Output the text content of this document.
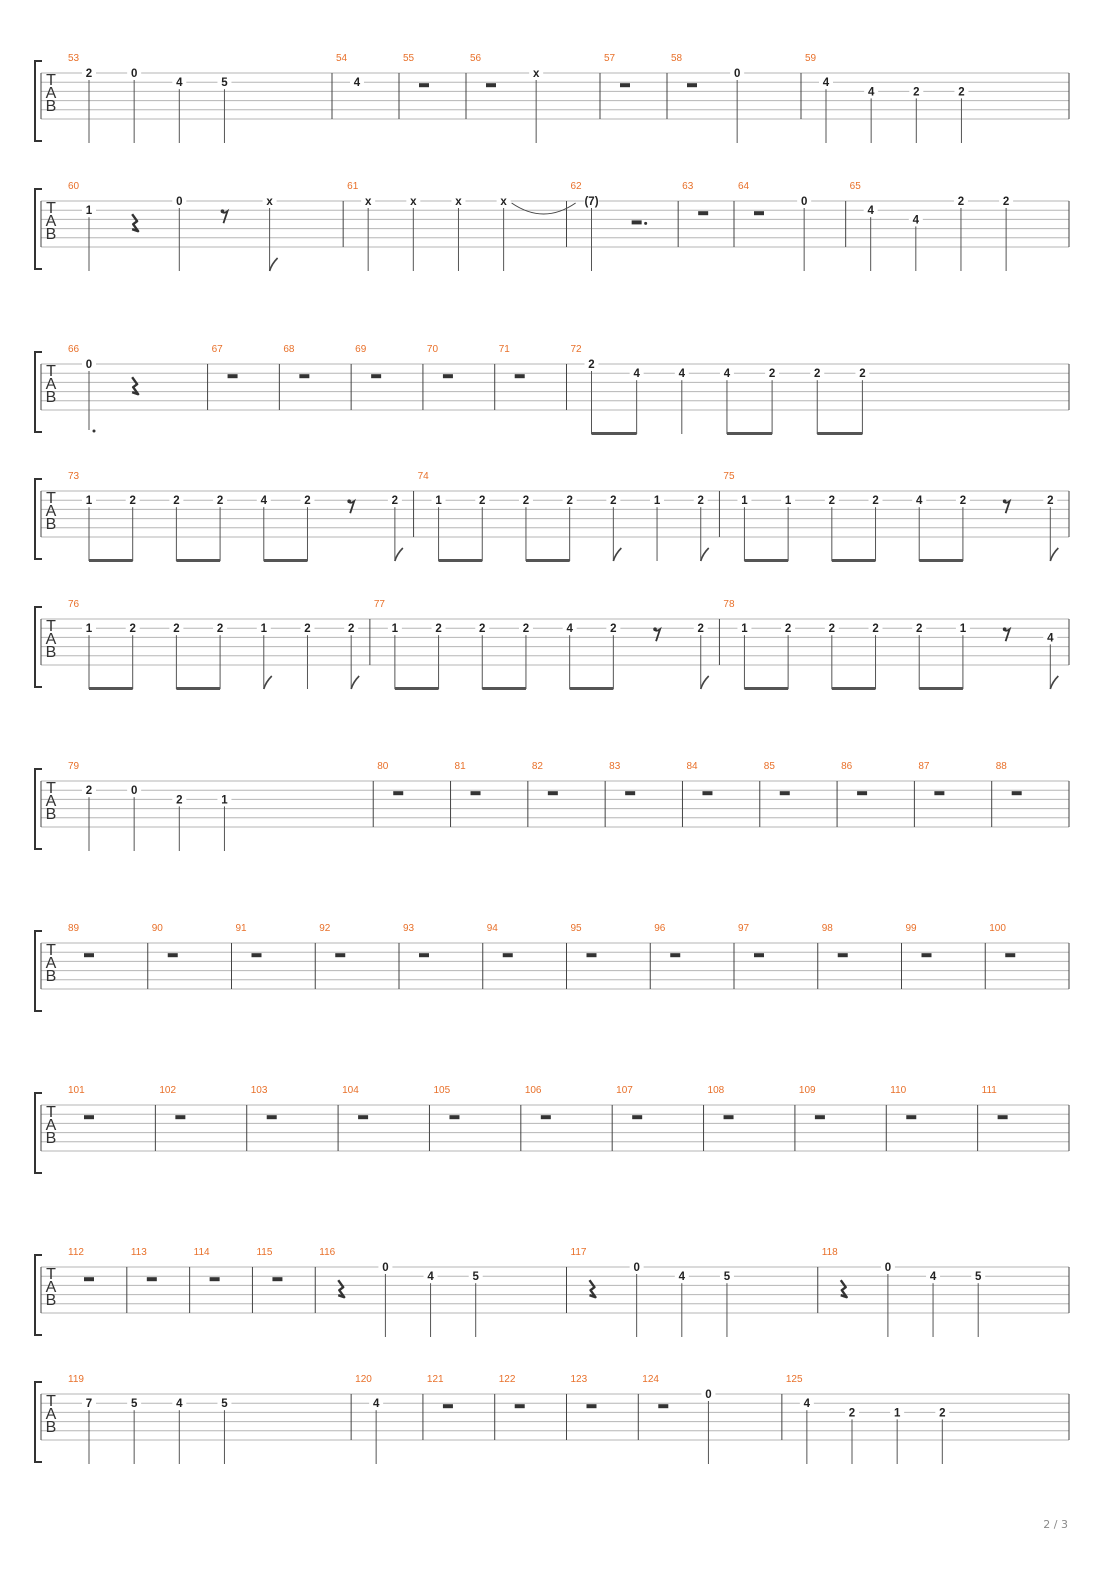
T
A
B
53
2	0
4	5
54
4
55	56
x
57	58
0
59
4
4	2	2
T
A
B
60
1
0	x
61
x	x	x	x
62
(7)
63	64
0
65
4
4
2	2
T
A
B
66
0
67	68	69	70	71	72
2
4	4	4	2	2	2
T
A
B
73
1	2	2	2	4	2	2
74
1	2	2	2	2	1	2
75
1	1	2	2	4	2	2
T
A
B
76
1	2	2	2	1	2	2
77
1	2	2	2	4	2	2
78
1	2	2	2	2	1
4
T
A
B
79
2	0
2	1
80	81	82	83	84	85	86	87	88
T
A
B
89	90	91	92	93	94	95	96	97	98	99	100
T
A
B
101	102	103	104	105	106	107	108	109	110	111
T
A
B
112	113	114	115	116
0
4	5
117
0
4	5
118
0
4	5
T
A
B
119
7	5	4	5
120
4
121	122	123	124
0
125
4
2	1	2
2 / 3
